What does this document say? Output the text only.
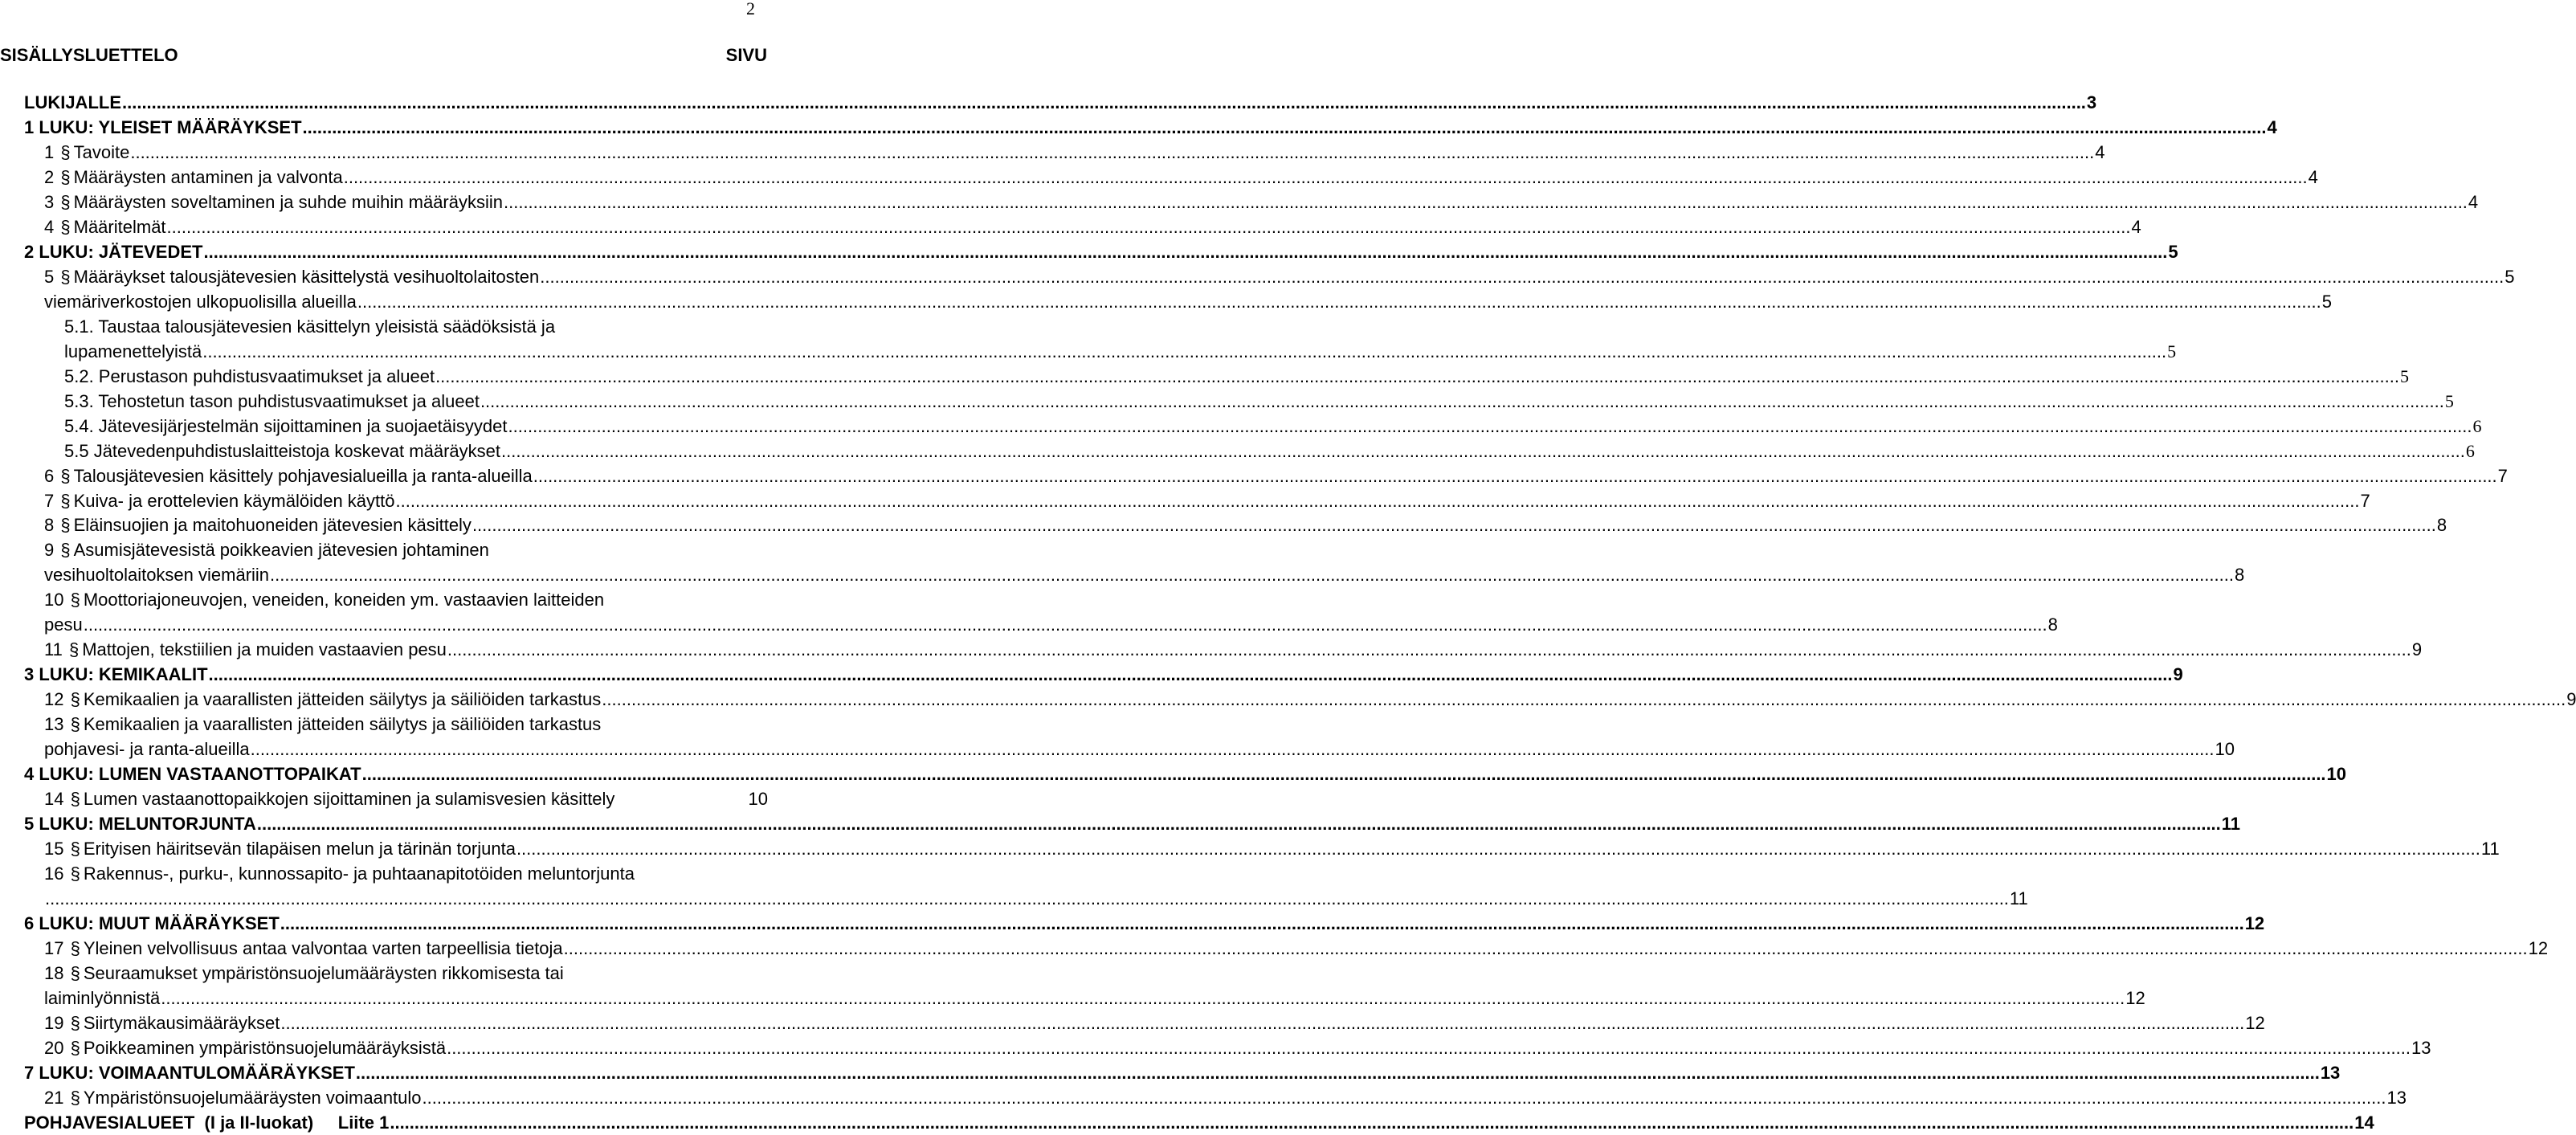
2
SISÄLLYSLUETTELO	SIVU
LUKIJALLE ................................................................................................................................................................................................................................................................................................................................................................................................................ 3
1 LUKU: YLEISET MÄÄRÄYKSET ................................................................................................................................................................................................................................................................................................................................................................................................................ 4
1 § Tavoite ................................................................................................................................................................................................................................................................................................................................................................................................................ 4
2 § Määräysten antaminen ja valvonta ................................................................................................................................................................................................................................................................................................................................................................................................................ 4
3 § Määräysten soveltaminen ja suhde muihin määräyksiin ................................................................................................................................................................................................................................................................................................................................................................................................................ 4
4 § Määritelmät ................................................................................................................................................................................................................................................................................................................................................................................................................ 4
2 LUKU: JÄTEVEDET ................................................................................................................................................................................................................................................................................................................................................................................................................ 5
5 § Määräykset talousjätevesien käsittelystä vesihuoltolaitosten ................................................................................................................................................................................................................................................................................................................................................................................................................ 5
viemäriverkostojen ulkopuolisilla alueilla ................................................................................................................................................................................................................................................................................................................................................................................................................ 5
5.1. Taustaa talousjätevesien käsittelyn yleisistä säädöksistä ja
lupamenettelyistä ................................................................................................................................................................................................................................................................................................................................................................................................................ 5
5.2. Perustason puhdistusvaatimukset ja alueet ................................................................................................................................................................................................................................................................................................................................................................................................................ 5
5.3. Tehostetun tason puhdistusvaatimukset ja alueet ................................................................................................................................................................................................................................................................................................................................................................................................................ 5
5.4. Jätevesijärjestelmän sijoittaminen ja suojaetäisyydet ................................................................................................................................................................................................................................................................................................................................................................................................................ 6
5.5 Jätevedenpuhdistuslaitteistoja koskevat määräykset ................................................................................................................................................................................................................................................................................................................................................................................................................ 6
6 § Talousjätevesien käsittely pohjavesialueilla ja ranta-alueilla ................................................................................................................................................................................................................................................................................................................................................................................................................ 7
7 § Kuiva- ja erottelevien käymälöiden käyttö ................................................................................................................................................................................................................................................................................................................................................................................................................ 7
8 § Eläinsuojien ja maitohuoneiden jätevesien käsittely ................................................................................................................................................................................................................................................................................................................................................................................................................ 8
9 § Asumisjätevesistä poikkeavien jätevesien johtaminen
vesihuoltolaitoksen viemäriin ................................................................................................................................................................................................................................................................................................................................................................................................................ 8
10 § Moottoriajoneuvojen, veneiden, koneiden ym. vastaavien laitteiden
pesu ................................................................................................................................................................................................................................................................................................................................................................................................................ 8
11 § Mattojen, tekstiilien ja muiden vastaavien pesu ................................................................................................................................................................................................................................................................................................................................................................................................................ 9
3 LUKU: KEMIKAALIT ................................................................................................................................................................................................................................................................................................................................................................................................................ 9
12 § Kemikaalien ja vaarallisten jätteiden säilytys ja säiliöiden tarkastus ................................................................................................................................................................................................................................................................................................................................................................................................................ 9
13 § Kemikaalien ja vaarallisten jätteiden säilytys ja säiliöiden tarkastus
pohjavesi- ja ranta-alueilla ................................................................................................................................................................................................................................................................................................................................................................................................................ 10
4 LUKU: LUMEN VASTAANOTTOPAIKAT ................................................................................................................................................................................................................................................................................................................................................................................................................ 10
14 § Lumen vastaanottopaikkojen sijoittaminen ja sulamisvesien käsittely	10
5 LUKU: MELUNTORJUNTA ................................................................................................................................................................................................................................................................................................................................................................................................................ 11
15 § Erityisen häiritsevän tilapäisen melun ja tärinän torjunta ................................................................................................................................................................................................................................................................................................................................................................................................................ 11
16 § Rakennus-, purku-, kunnossapito- ja puhtaanapitotöiden meluntorjunta
................................................................................................................................................................................................................................................................................................................................................................................................................ 11
6 LUKU: MUUT MÄÄRÄYKSET ................................................................................................................................................................................................................................................................................................................................................................................................................ 12
17 § Yleinen velvollisuus antaa valvontaa varten tarpeellisia tietoja ................................................................................................................................................................................................................................................................................................................................................................................................................ 12
18 § Seuraamukset ympäristönsuojelumääräysten rikkomisesta tai
laiminlyönnistä ................................................................................................................................................................................................................................................................................................................................................................................................................ 12
19 § Siirtymäkausimääräykset ................................................................................................................................................................................................................................................................................................................................................................................................................ 12
20 § Poikkeaminen ympäristönsuojelumääräyksistä ................................................................................................................................................................................................................................................................................................................................................................................................................ 13
7 LUKU: VOIMAANTULOMÄÄRÄYKSET ................................................................................................................................................................................................................................................................................................................................................................................................................ 13
21 § Ympäristönsuojelumääräysten voimaantulo ................................................................................................................................................................................................................................................................................................................................................................................................................ 13
POHJAVESIALUEET  (I ja II-luokat)     Liite 1 ................................................................................................................................................................................................................................................................................................................................................................................................................ 14
